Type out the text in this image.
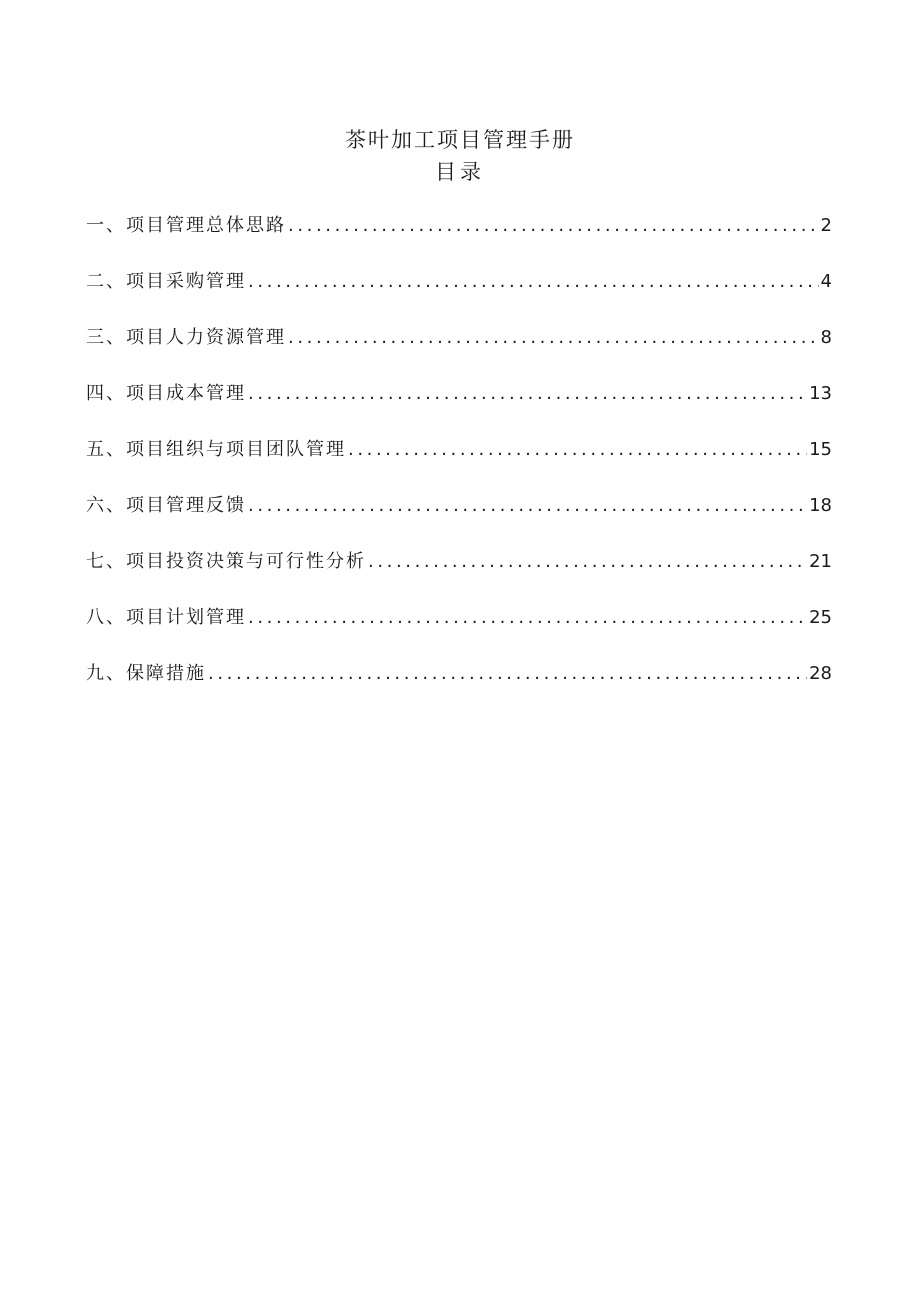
茶叶加工项目管理手册
目录
一、项目管理总体思路 .....	2
二、项目采购管理 .....	4
三、项目人力资源管理 .....	8
四、项目成本管理 .....	13
五、项目组织与项目团队管理 .....	15
六、项目管理反馈 .....	18
七、项目投资决策与可行性分析 .....	21
八、项目计划管理 .....	25
九、保障措施 .....	28
